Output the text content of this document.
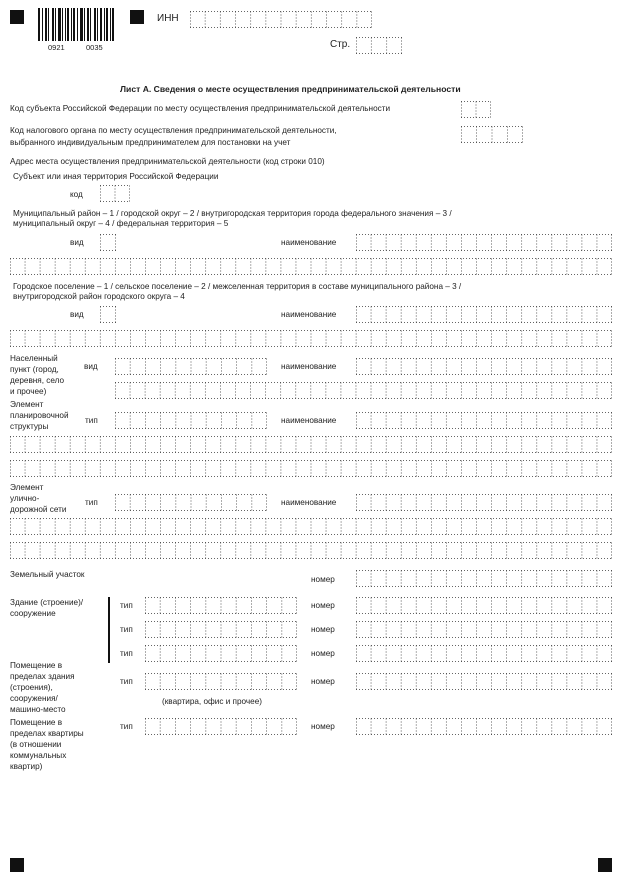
0921	0035
ИНН
Стр.
Лист А. Сведения о месте осуществления предпринимательской деятельности
Код субъекта Российской Федерации по месту осуществления предпринимательской деятельности
Код налогового органа по месту осуществления предпринимательской деятельности,
выбранного индивидуальным предпринимателем для постановки на учет
Адрес места осуществления предпринимательской деятельности (код строки 010)
Субъект или иная территория Российской Федерации
код
Муниципальный район – 1 / городской округ – 2 / внутригородская территория города федерального значения – 3 /
муниципальный округ – 4 / федеральная территория – 5
вид	наименование
Городское поселение – 1 / сельское поселение – 2 / межселенная территория в составе муниципального района – 3 /
внутригородской район городского округа – 4
вид	наименование
Населенный
пункт (город,
деревня, село
и прочее)
вид	наименование
Элемент
планировочной
структуры
тип	наименование
Элемент
улично-
дорожной сети
тип	наименование
Земельный участок
номер
Здание (строение)/
сооружение
тип	номер
тип	номер
тип	номер
Помещение в
пределах здания
(строения),
сооружения/
машино-место
тип	номер
(квартира, офис и прочее)
Помещение в
пределах квартиры
(в отношении
коммунальных
квартир)
тип	номер
